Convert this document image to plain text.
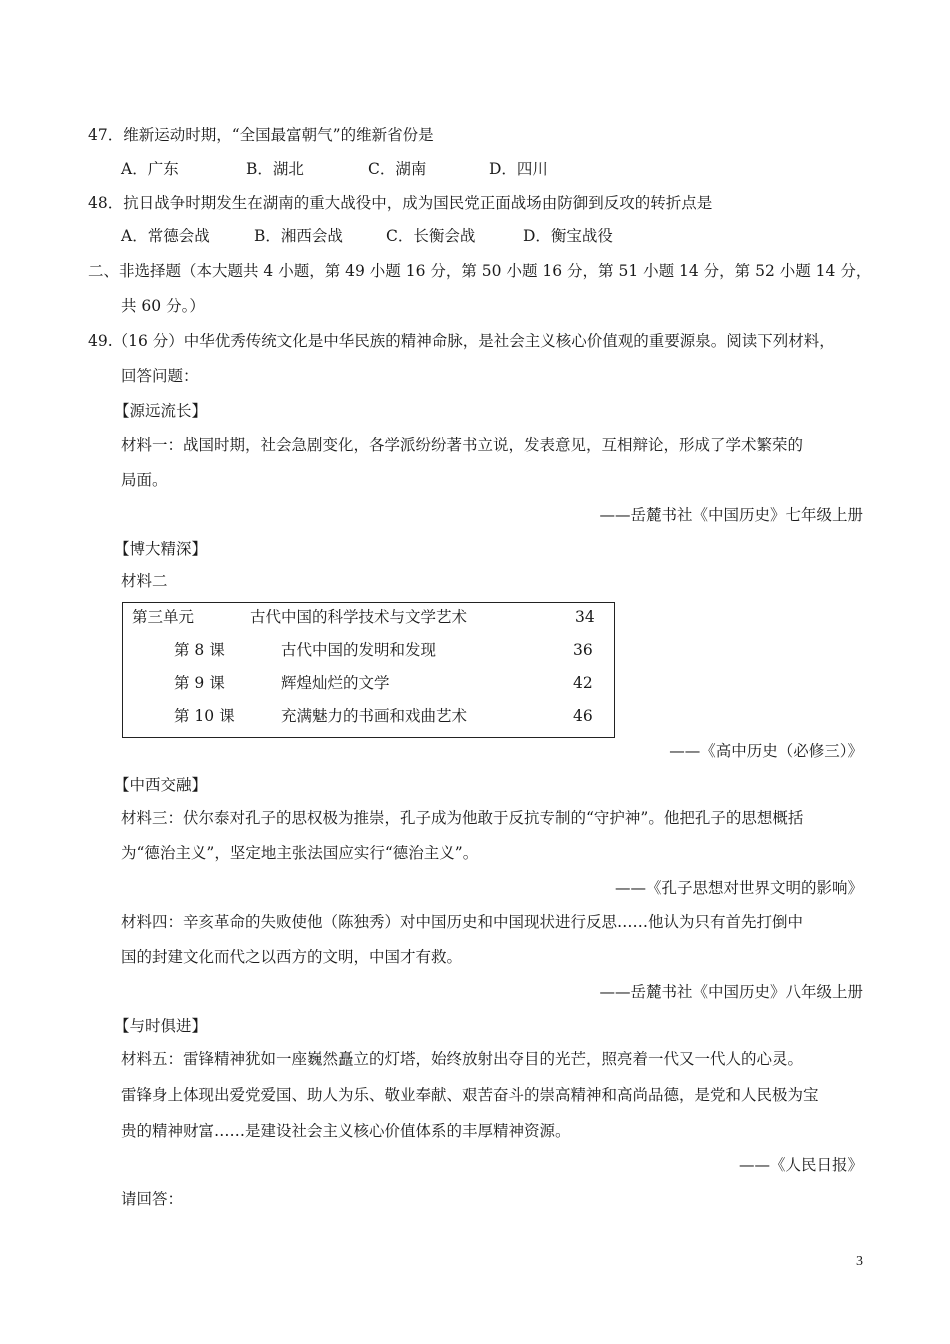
47．维新运动时期，“全国最富朝气”的维新省份是
A．广东	B．湖北	C．湖南	D．四川
48．抗日战争时期发生在湖南的重大战役中，成为国民党正面战场由防御到反攻的转折点是
A．常德会战	B．湘西会战	C．长衡会战	D．衡宝战役
二、非选择题（本大题共 4 小题，第 49 小题 16 分，第 50 小题 16 分，第 51 小题 14 分，第 52 小题 14 分，
共 60 分。）
49.（16 分）中华优秀传统文化是中华民族的精神命脉，是社会主义核心价值观的重要源泉。阅读下列材料，
回答问题：
【源远流长】
材料一：战国时期，社会急剧变化，各学派纷纷著书立说，发表意见，互相辩论，形成了学术繁荣的
局面。
——岳麓书社《中国历史》七年级上册
【博大精深】
材料二
第三单元	古代中国的科学技术与文学艺术	34
第 8 课	古代中国的发明和发现	36
第 9 课	辉煌灿烂的文学	42
第 10 课	充满魅力的书画和戏曲艺术	46
——《高中历史（必修三）》
【中西交融】
材料三：伏尔泰对孔子的思权极为推崇，孔子成为他敢于反抗专制的“守护神”。他把孔子的思想概括
为“德治主义”，坚定地主张法国应实行“德治主义”。
——《孔子思想对世界文明的影响》
材料四：辛亥革命的失败使他（陈独秀）对中国历史和中国现状进行反思……他认为只有首先打倒中
国的封建文化而代之以西方的文明，中国才有救。
——岳麓书社《中国历史》八年级上册
【与时俱进】
材料五：雷锋精神犹如一座巍然矗立的灯塔，始终放射出夺目的光芒，照亮着一代又一代人的心灵。
雷锋身上体现出爱党爱国、助人为乐、敬业奉献、艰苦奋斗的崇高精神和高尚品德，是党和人民极为宝
贵的精神财富……是建设社会主义核心价值体系的丰厚精神资源。
——《人民日报》
请回答：
3
